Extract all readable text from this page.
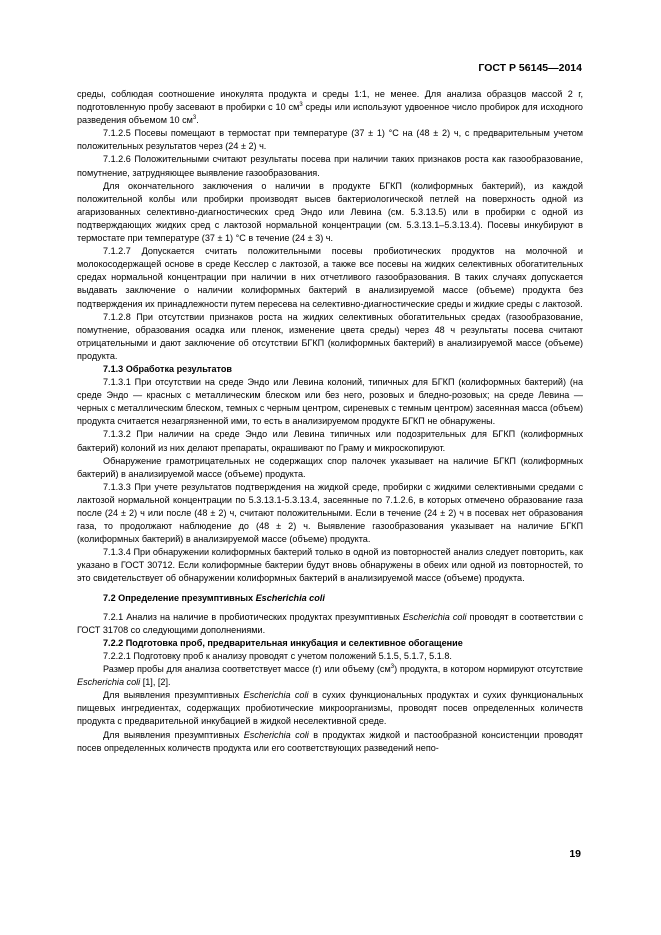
ГОСТ Р 56145—2014

среды, соблюдая соотношение инокулята продукта и среды 1:1, не менее. Для анализа образцов массой 2 г, подготовленную пробу засевают в пробирки с 10 $см^3$ среды или используют удвоенное число пробирок для исходного разведения объемом 10 $см^3$.

7.1.2.5 Посевы помещают в термостат при температуре (37 ± 1) °С на (48 ± 2) ч, с предварительным учетом положительных результатов через (24 ± 2) ч.

7.1.2.6 Положительными считают результаты посева при наличии таких признаков роста как газообразование, помутнение, затрудняющее выявление газообразования.

Для окончательного заключения о наличии в продукте БГКП (колиформных бактерий), из каждой положительной колбы или пробирки производят высев бактериологической петлей на поверхность одной из агаризованных селективно-диагностических сред Эндо или Левина (см. 5.3.13.5) или в пробирки с одной из подтверждающих жидких сред с лактозой нормальной концентрации (см. 5.3.13.1–5.3.13.4). Посевы инкубируют в термостате при температуре (37 ± 1) °С в течение (24 ± 3) ч.

7.1.2.7 Допускается считать положительными посевы пробиотических продуктов на молочной и молокосодержащей основе в среде Кесслер с лактозой, а также все посевы на жидких селективных обогатительных средах нормальной концентрации при наличии в них отчетливого газообразования. В таких случаях допускается выдавать заключение о наличии колиформных бактерий в анализируемой массе (объеме) продукта без подтверждения их принадлежности путем пересева на селективно-диагностические среды и жидкие среды с лактозой.

7.1.2.8 При отсутствии признаков роста на жидких селективных обогатительных средах (газообразование, помутнение, образования осадка или пленок, изменение цвета среды) через 48 ч результаты посева считают отрицательными и дают заключение об отсутствии БГКП (колиформных бактерий) в анализируемой массе (объеме) продукта.

7.1.3 Обработка результатов

7.1.3.1 При отсутствии на среде Эндо или Левина колоний, типичных для БГКП (колиформных бактерий) (на среде Эндо — красных с металлическим блеском или без него, розовых и бледно-розовых; на среде Левина — черных с металлическим блеском, темных с черным центром, сиреневых с темным центром) засеянная масса (объем) продукта считается незагрязненной ими, то есть в анализируемом продукте БГКП не обнаружены.

7.1.3.2 При наличии на среде Эндо или Левина типичных или подозрительных для БГКП (колиформных бактерий) колоний из них делают препараты, окрашивают по Граму и микроскопируют.

Обнаружение грамотрицательных не содержащих спор палочек указывает на наличие БГКП (колиформных бактерий) в анализируемой массе (объеме) продукта.

7.1.3.3 При учете результатов подтверждения на жидкой среде, пробирки с жидкими селективными средами с лактозой нормальной концентрации по 5.3.13.1-5.3.13.4, засеянные по 7.1.2.6, в которых отмечено образование газа после (24 ± 2) ч или после (48 ± 2) ч, считают положительными. Если в течение (24 ± 2) ч в посевах нет образования газа, то продолжают наблюдение до (48 ± 2) ч. Выявление газообразования указывает на наличие БГКП (колиформных бактерий) в анализируемой массе (объеме) продукта.

7.1.3.4 При обнаружении колиформных бактерий только в одной из повторностей анализ следует повторить, как указано в ГОСТ 30712. Если колиформные бактерии будут вновь обнаружены в обеих или одной из повторностей, то это свидетельствует об обнаружении колиформных бактерий в анализируемой массе (объеме) продукта.

7.2 Определение презумптивных Escherichia coli

7.2.1 Анализ на наличие в пробиотических продуктах презумптивных Escherichia coli проводят в соответствии с ГОСТ 31708 со следующими дополнениями.

7.2.2 Подготовка проб, предварительная инкубация и селективное обогащение

7.2.2.1 Подготовку проб к анализу проводят с учетом положений 5.1.5, 5.1.7, 5.1.8.

Размер пробы для анализа соответствует массе (г) или объему $(см^3)$ продукта, в котором нормируют отсутствие Escherichia coli [1], [2].

Для выявления презумптивных Escherichia coli в сухих функциональных продуктах и сухих функциональных пищевых ингредиентах, содержащих пробиотические микроорганизмы, проводят посев определенных количеств продукта с предварительной инкубацией в жидкой неселективной среде.

Для выявления презумптивных Escherichia coli в продуктах жидкой и пастообразной консистенции проводят посев определенных количеств продукта или его соответствующих разведений непо-

19
